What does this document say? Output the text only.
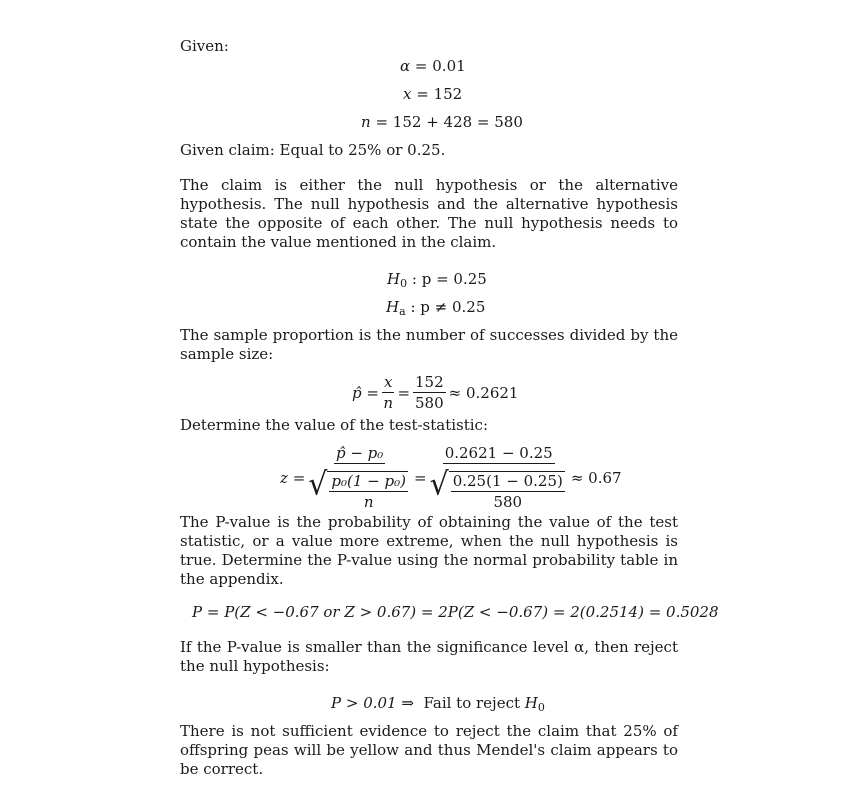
Given:
α = 0.01
x = 152
n = 152 + 428 = 580
Given claim: Equal to 25% or 0.25.
The claim is either the null hypothesis or the alternative hypothesis. The null hypothesis and the alternative hypothesis state the opposite of each other. The null hypothesis needs to contain the value mentioned in the claim.
$H_0$ : p = 0.25
$H_a$ : p ≠ 0.25
The sample proportion is the number of successes divided by the sample size:
p̂
= $\frac{x}{n} = \frac{152}{580} \approx 0.2621$
Determine the value of the test-statistic:
z
= $\frac{\text{p̂ − p₀}}{√ \frac{\text{p₀(1 − p₀)}}{n}} = \frac{0.2621 - 0.25}{√ \frac{0.25(1 - 0.25)}{580}} \approx 0.67$
The P-value is the probability of obtaining the value of the test statistic, or a value more extreme, when the null hypothesis is true. Determine the P-value using the normal probability table in the appendix.
P = P(Z < −0.67 or Z > 0.67) = 2P(Z < −0.67) = 2(0.2514) = 0.5028
If the P-value is smaller than the significance level α, then reject the null hypothesis:
P > 0.01 ⇒ Fail to reject $H_0$
There is not sufficient evidence to reject the claim that 25% of offspring peas will be yellow and thus Mendel's claim appears to be correct.
